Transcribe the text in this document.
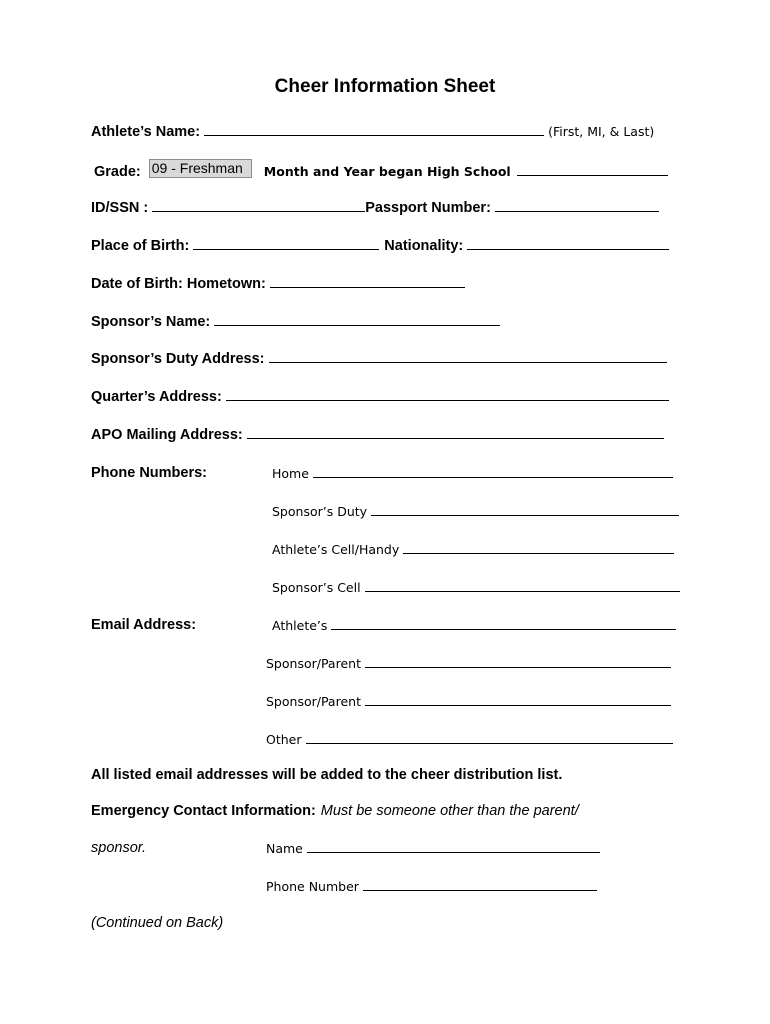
Cheer Information Sheet
Athlete’s Name:	(First, MI, & Last)
Grade: 09 - Freshman	Month and Year began High School
ID/SSN :	Passport Number:
Place of Birth:	Nationality:
Date of Birth: Hometown:
Sponsor’s Name:
Sponsor’s Duty Address:
Quarter’s Address:
APO Mailing Address:
Phone Numbers:	Home
Sponsor’s Duty
Athlete’s Cell/Handy
Sponsor’s Cell
Email Address:	Athlete’s
Sponsor/Parent
Sponsor/Parent
Other
All listed email addresses will be added to the cheer distribution list.
Emergency Contact Information: Must be someone other than the parent/
sponsor.	Name
Phone Number
(Continued on Back)
